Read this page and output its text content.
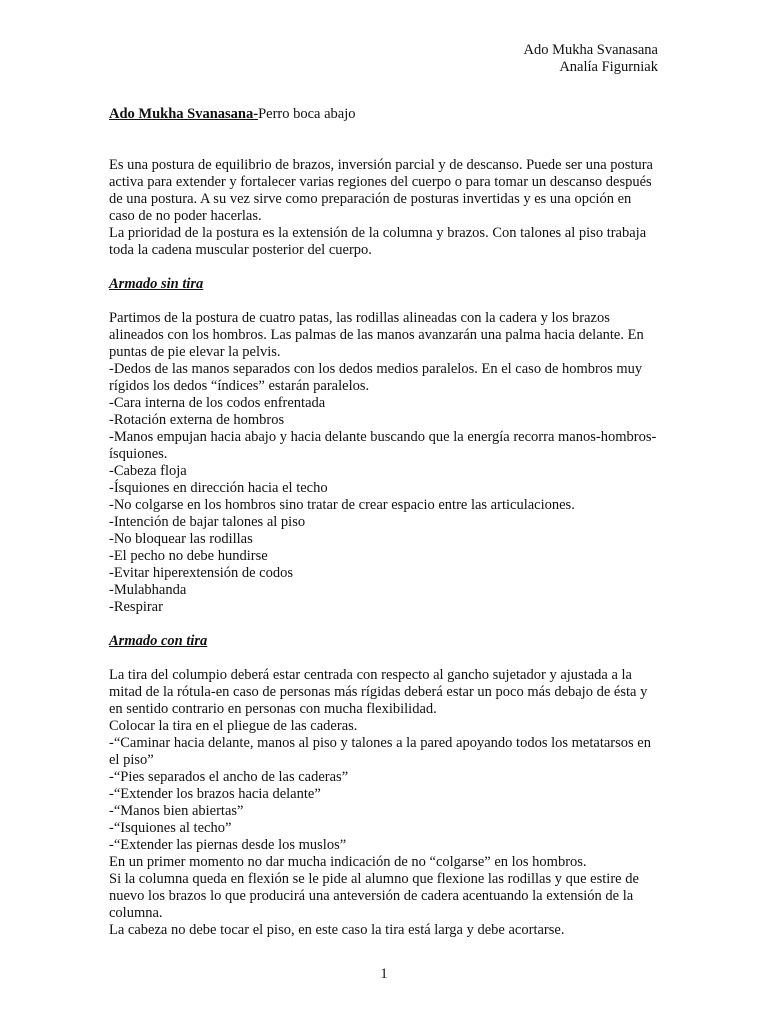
Ado Mukha Svanasana
Analía Figurniak
Ado Mukha Svanasana-Perro boca abajo

Es una postura de equilibrio de brazos, inversión parcial y de descanso. Puede ser una postura activa para extender y fortalecer varias regiones del cuerpo o para tomar un descanso después de una postura. A su vez sirve como preparación de posturas invertidas y es una opción en caso de no poder hacerlas.

La prioridad de la postura es la extensión de la columna y brazos. Con talones al piso trabaja toda la cadena muscular posterior del cuerpo.

Armado sin tira

Partimos de la postura de cuatro patas, las rodillas alineadas con la cadera y los brazos alineados con los hombros. Las palmas de las manos avanzarán una palma hacia delante. En puntas de pie elevar la pelvis.

-Dedos de las manos separados con los dedos medios paralelos. En el caso de hombros muy rígidos los dedos “índices” estarán paralelos.

-Cara interna de los codos enfrentada

-Rotación externa de hombros

-Manos empujan hacia abajo y hacia delante buscando que la energía recorra manos-hombros-ísquiones.

-Cabeza floja

-Ísquiones en dirección hacia el techo

-No colgarse en los hombros sino tratar de crear espacio entre las articulaciones.

-Intención de bajar talones al piso

-No bloquear las rodillas

-El pecho no debe hundirse

-Evitar hiperextensión de codos

-Mulabhanda

-Respirar

Armado con tira

La tira del columpio deberá estar centrada con respecto al gancho sujetador y ajustada a la mitad de la rótula-en caso de personas más rígidas deberá estar un poco más debajo de ésta y en sentido contrario en personas con mucha flexibilidad.

Colocar la tira en el pliegue de las caderas.

-“Caminar hacia delante, manos al piso y talones a la pared apoyando todos los metatarsos en el piso”

-“Pies separados el ancho de las caderas”

-“Extender los brazos hacia delante”

-“Manos bien abiertas”

-“Isquiones al techo”

-“Extender las piernas desde los muslos”

En un primer momento no dar mucha indicación de no “colgarse” en los hombros.

Si la columna queda en flexión se le pide al alumno que flexione las rodillas y que estire de nuevo los brazos lo que producirá una anteversión de cadera acentuando la extensión de la columna.

La cabeza no debe tocar el piso, en este caso la tira está larga y debe acortarse.

1
